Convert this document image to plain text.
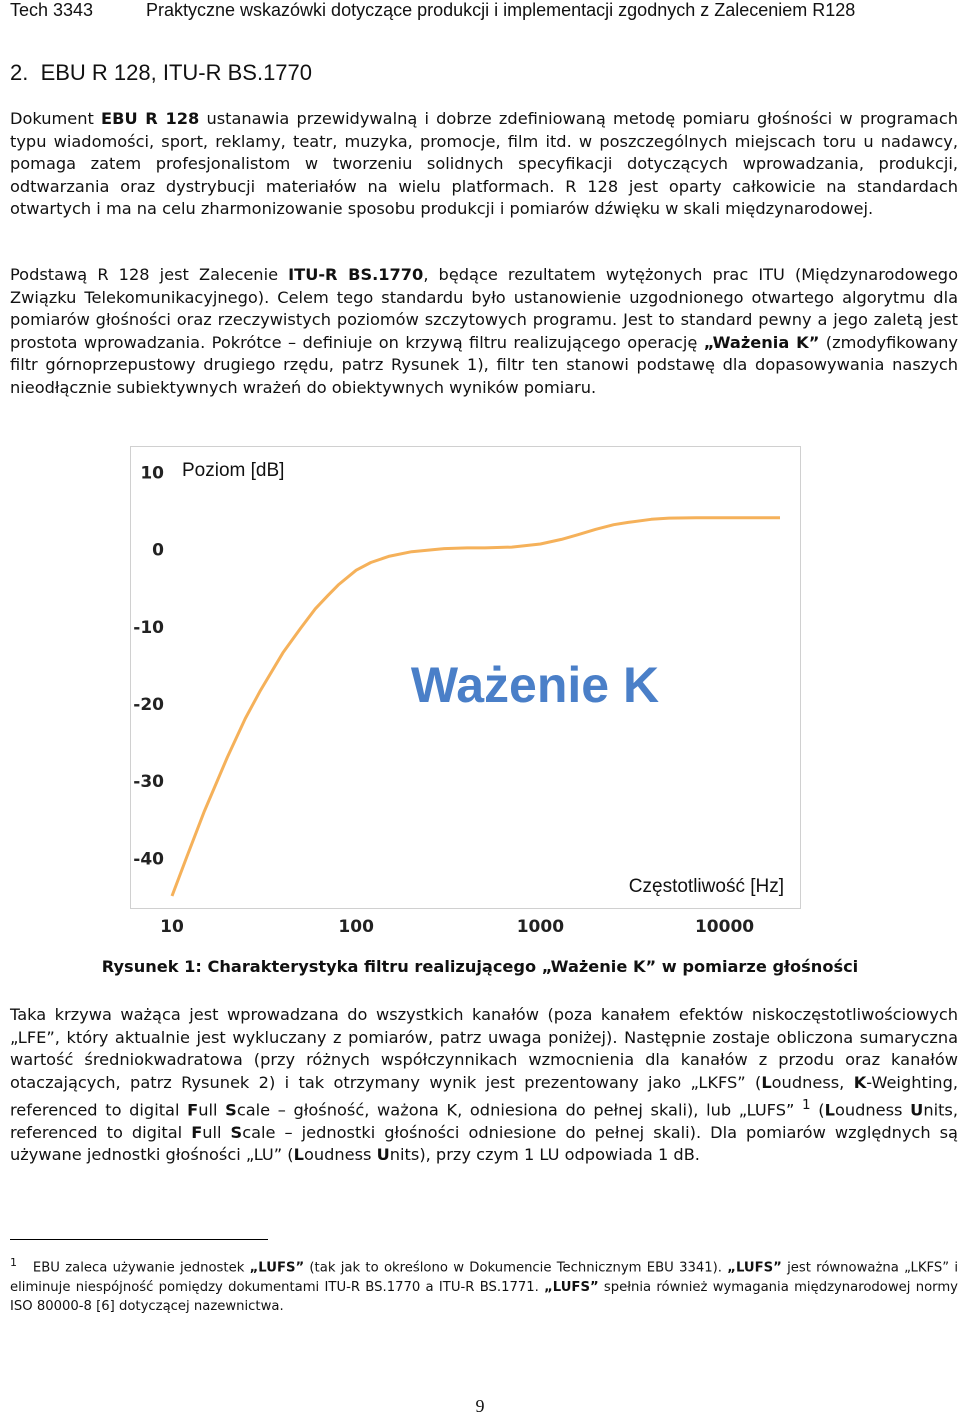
Tech 3343	Praktyczne wskazówki dotyczące produkcji i implementacji zgodnych z Zaleceniem R128
2.  EBU R 128, ITU-R BS.1770

Dokument EBU R 128 ustanawia przewidywalną i dobrze zdefiniowaną metodę pomiaru głośności w programach typu wiadomości, sport, reklamy, teatr, muzyka, promocje, film itd. w poszczególnych miejscach toru u nadawcy, pomaga zatem profesjonalistom w tworzeniu solidnych specyfikacji dotyczących wprowadzania, produkcji, odtwarzania oraz dystrybucji materiałów na wielu platformach. R 128 jest oparty całkowicie na standardach otwartych i ma na celu zharmonizowanie sposobu produkcji i pomiarów dźwięku w skali międzynarodowej.

Podstawą R 128 jest Zalecenie ITU-R BS.1770, będące rezultatem wytężonych prac ITU (Międzynarodowego Związku Telekomunikacyjnego). Celem tego standardu było ustanowienie uzgodnionego otwartego algorytmu dla pomiarów głośności oraz rzeczywistych poziomów szczytowych programu. Jest to standard pewny a jego zaletą jest prostota wprowadzania. Pokrótce – definiuje on krzywą filtru realizującego operację „Ważenia K” (zmodyfikowany filtr górnoprzepustowy drugiego rzędu, patrz Rysunek 1), filtr ten stanowi podstawę dla dopasowywania naszych nieodłącznie subiektywnych wrażeń do obiektywnych wyników pomiaru.

10
0
-10
-20
-30
-40
10	100	1000	10000
Poziom [dB]
Ważenie K
Częstotliwość [Hz]
Rysunek 1: Charakterystyka filtru realizującego „Ważenie K” w pomiarze głośności

Taka krzywa ważąca jest wprowadzana do wszystkich kanałów (poza kanałem efektów niskoczęstotliwościowych „LFE”, który aktualnie jest wykluczany z pomiarów, patrz uwaga poniżej). Następnie zostaje obliczona sumaryczna wartość średniokwadratowa (przy różnych współczynnikach wzmocnienia dla kanałów z przodu oraz kanałów otaczających, patrz Rysunek 2) i tak otrzymany wynik jest prezentowany jako „LKFS” (Loudness, K-Weighting, referenced to digital Full Scale – głośność, ważona K, odniesiona do pełnej skali), lub „LUFS” $^1$ (Loudness Units, referenced to digital Full Scale – jednostki głośności odniesione do pełnej skali). Dla pomiarów względnych są używane jednostki głośności „LU” (Loudness Units), przy czym 1 LU odpowiada 1 dB.

$^1$   EBU zaleca używanie jednostek „LUFS” (tak jak to określono w Dokumencie Technicznym EBU 3341). „LUFS” jest równoważna „LKFS” i eliminuje niespójność pomiędzy dokumentami ITU-R BS.1770 a ITU-R BS.1771. „LUFS” spełnia również wymagania międzynarodowej normy ISO 80000-8 [6] dotyczącej nazewnictwa.

9
